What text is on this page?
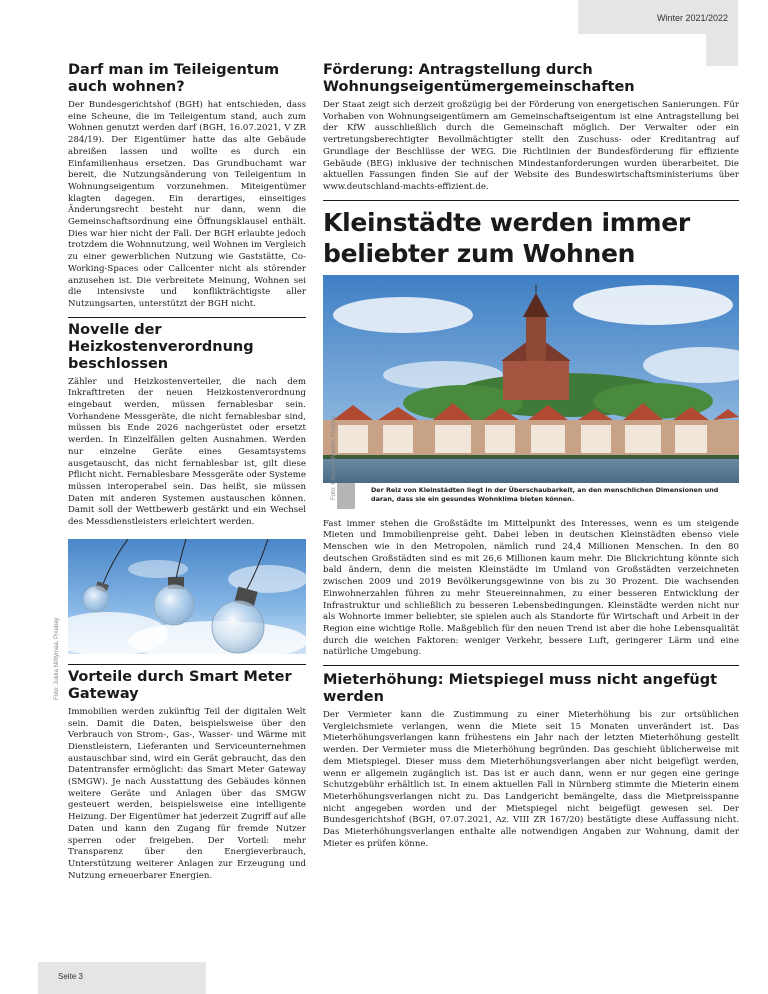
Winter 2021/2022
Darf man im Teileigentum auch wohnen?

Der Bundesgerichtshof (BGH) hat entschieden, dass eine Scheune, die im Teileigentum stand, auch zum Wohnen genutzt werden darf (BGH, 16.07.2021, V ZR 284/19). Der Eigentümer hatte das alte Gebäude abreißen lassen und wollte es durch ein Einfamilienhaus ersetzen. Das Grundbuchamt war bereit, die Nutzungsänderung von Teileigentum in Wohnungseigentum vorzunehmen. Miteigentümer klagten dagegen. Ein derartiges, einseitiges Änderungsrecht besteht nur dann, wenn die Gemeinschaftsordnung eine Öffnungsklausel enthält. Dies war hier nicht der Fall. Der BGH erlaubte jedoch trotzdem die Wohnnutzung, weil Wohnen im Vergleich zu einer gewerblichen Nutzung wie Gaststätte, Co-Working-Spaces oder Callcenter nicht als störender anzusehen ist. Die verbreitete Meinung, Wohnen sei die intensivste und konflikträchtigste aller Nutzungsarten, unterstützt der BGH nicht.

Novelle der Heizkostenverordnung beschlossen

Zähler und Heizkostenverteiler, die nach dem Inkrafttreten der neuen Heizkostenverordnung eingebaut werden, müssen fernablesbar sein. Vorhandene Messgeräte, die nicht fernablesbar sind, müssen bis Ende 2026 nachgerüstet oder ersetzt werden. In Einzelfällen gelten Ausnahmen. Werden nur einzelne Geräte eines Gesamtsystems ausgetauscht, das nicht fernablesbar ist, gilt diese Pflicht nicht. Fernablesbare Messgeräte oder Systeme müssen interoperabel sein. Das heißt, sie müssen Daten mit anderen Systemen austauschen können. Damit soll der Wettbewerb gestärkt und ein Wechsel des Messdienstleisters erleichtert werden.

Vorteile durch Smart Meter Gateway

Immobilien werden zukünftig Teil der digitalen Welt sein. Damit die Daten, beispielsweise über den Verbrauch von Strom-, Gas-, Wasser- und Wärme mit Dienstleistern, Lieferanten und Serviceunternehmen austauschbar sind, wird ein Gerät gebraucht, das den Datentransfer ermöglicht: das Smart Meter Gateway (SMGW). Je nach Ausstattung des Gebäudes können weitere Geräte und Anlagen über das SMGW gesteuert werden, beispielsweise eine intelligente Heizung. Der Eigentümer hat jederzeit Zugriff auf alle Daten und kann den Zugang für fremde Nutzer sperren oder freigeben. Der Vorteil: mehr Transparenz über den Energieverbrauch, Unterstützung weiterer Anlagen zur Erzeugung und Nutzung erneuerbarer Energien.

Foto: Jukka Niittymaa, Pixabay
Förderung: Antragstellung durch Wohnungseigentümergemeinschaften

Der Staat zeigt sich derzeit großzügig bei der Förderung von energetischen Sanierungen. Für Vorhaben von Wohnungseigentümern am Gemeinschaftseigentum ist eine Antragstellung bei der KfW ausschließlich durch die Gemeinschaft möglich. Der Verwalter oder ein vertretungsberechtigter Bevollmächtigter stellt den Zuschuss- oder Kreditantrag auf Grundlage der Beschlüsse der WEG. Die Richtlinien der Bundesförderung für effiziente Gebäude (BEG) inklusive der technischen Mindestanforderungen wurden überarbeitet. Die aktuellen Fassungen finden Sie auf der Website des Bundeswirtschaftsministeriums über www.deutschland-machts-effizient.de.

Kleinstädte werden immer beliebter zum Wohnen
Der Reiz von Kleinstädten liegt in der Überschaubarkeit, an den menschlichen Dimensionen und daran, dass sie ein gesundes Wohnklima bieten können.

Fast immer stehen die Großstädte im Mittelpunkt des Interesses, wenn es um steigende Mieten und Immobilienpreise geht. Dabei leben in deutschen Kleinstädten ebenso viele Menschen wie in den Metropolen, nämlich rund 24,4 Millionen Menschen. In den 80 deutschen Großstädten sind es mit 26,6 Millionen kaum mehr. Die Blickrichtung könnte sich bald ändern, denn die meisten Kleinstädte im Umland von Großstädten verzeichneten zwischen 2009 und 2019 Bevölkerungsgewinne von bis zu 30 Prozent. Die wachsenden Einwohnerzahlen führen zu mehr Steuereinnahmen, zu einer besseren Entwicklung der Infrastruktur und schließlich zu besseren Lebensbedingungen. Kleinstädte werden nicht nur als Wohnorte immer beliebter, sie spielen auch als Standorte für Wirtschaft und Arbeit in der Region eine wichtige Rolle. Maßgeblich für den neuen Trend ist aber die hohe Lebensqualität durch die weichen Faktoren: weniger Verkehr, bessere Luft, geringerer Lärm und eine natürliche Umgebung.

Mieterhöhung: Mietspiegel muss nicht angefügt werden

Der Vermieter kann die Zustimmung zu einer Mieterhöhung bis zur ortsüblichen Vergleichsmiete verlangen, wenn die Miete seit 15 Monaten unverändert ist. Das Mieterhöhungsverlangen kann frühestens ein Jahr nach der letzten Mieterhöhung gestellt werden. Der Vermieter muss die Mieterhöhung begründen. Das geschieht üblicherweise mit dem Mietspiegel. Dieser muss dem Mieterhöhungsverlangen aber nicht beigefügt werden, wenn er allgemein zugänglich ist. Das ist er auch dann, wenn er nur gegen eine geringe Schutzgebühr erhältlich ist. In einem aktuellen Fall in Nürnberg stimmte die Mieterin einem Mieterhöhungsverlangen nicht zu. Das Landgericht bemängelte, dass die Mietpreisspanne nicht angegeben worden und der Mietspiegel nicht beigefügt gewesen sei. Der Bundesgerichtshof (BGH, 07.07.2021, Az. VIII ZR 167/20) bestätigte diese Auffassung nicht. Das Mieterhöhungsverlangen enthalte alle notwendigen Angaben zur Wohnung, damit der Mieter es prüfen könne.

Foto: Christian Wadeh, Pixabay
Seite 3
